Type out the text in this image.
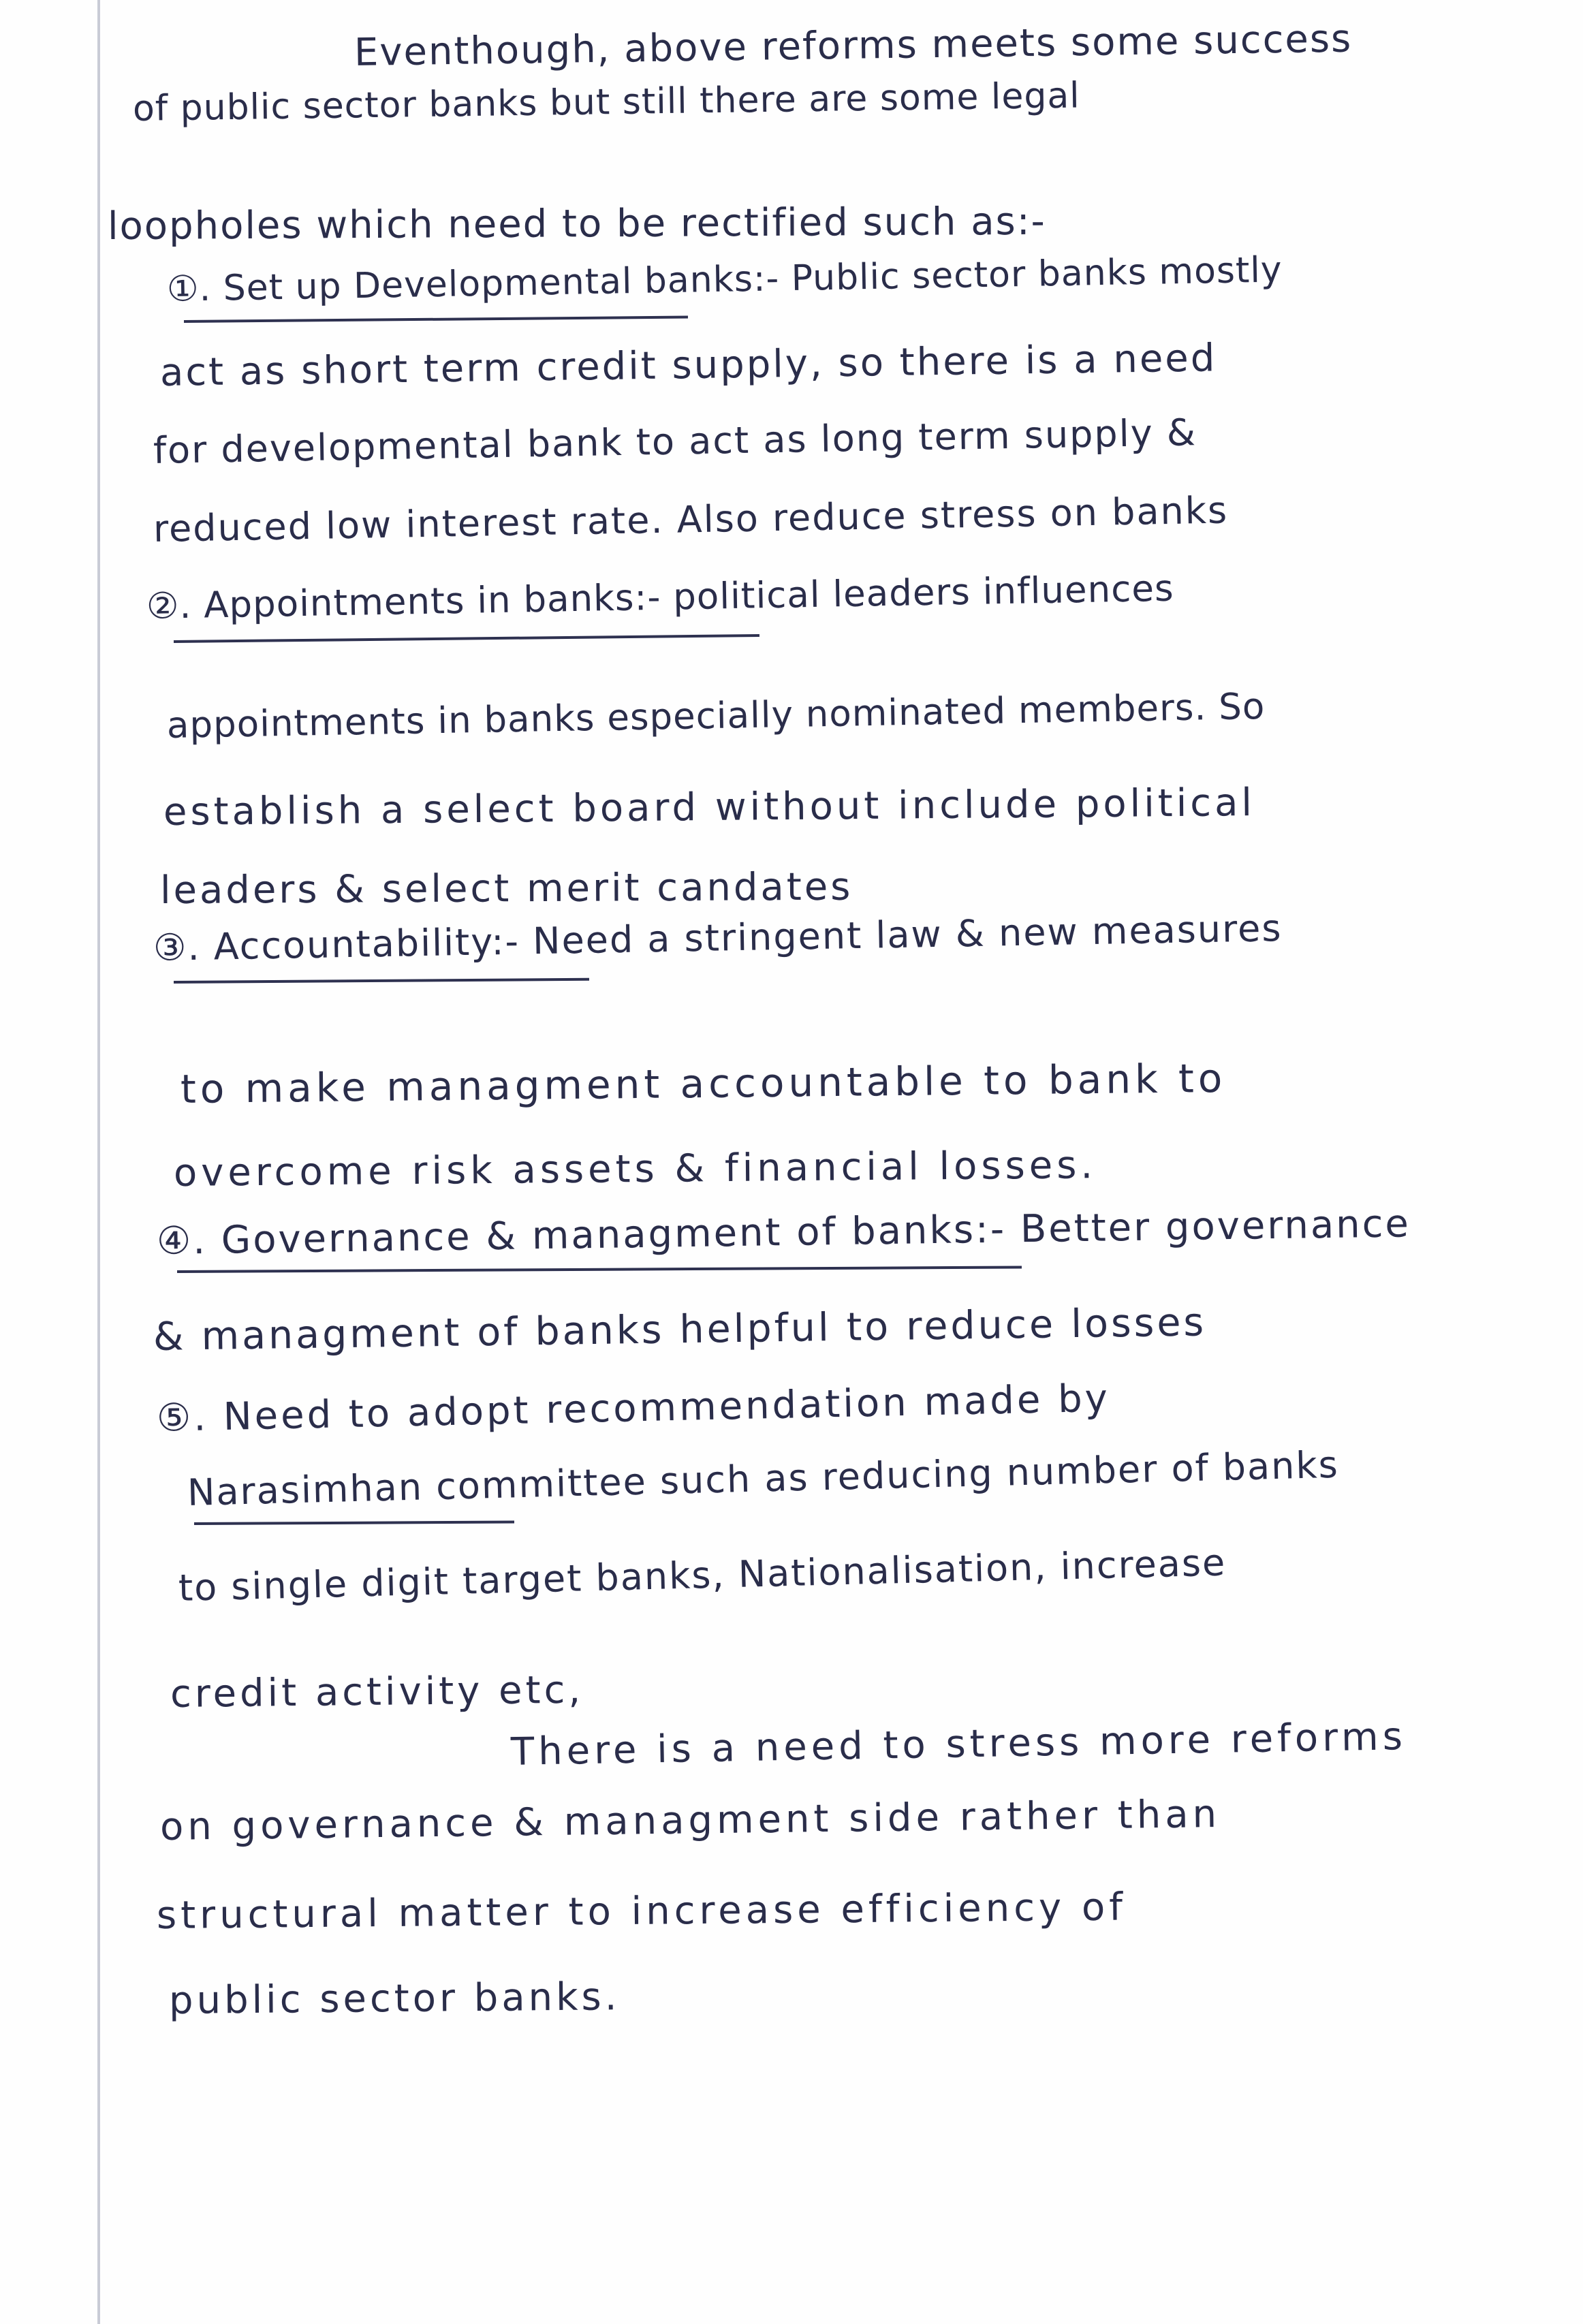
Eventhough, above reforms meets some success
of public sector banks but still there are some legal
loopholes which need to be rectified such as:-
①. Set up Developmental banks:- Public sector banks mostly
act as short term credit supply, so there is a need
for developmental bank to act as long term supply &
reduced low interest rate. Also reduce stress on banks
②. Appointments in banks:- political leaders influences
appointments in banks especially nominated members. So
establish a select board without include political
leaders & select merit candates
③. Accountability:- Need a stringent law & new measures
to make managment accountable to bank to
overcome risk assets & financial losses.
④. Governance & managment of banks:- Better governance
& managment of banks helpful to reduce losses
⑤. Need to adopt recommendation made by
Narasimhan committee such as reducing number of banks
to single digit target banks, Nationalisation, increase
credit activity etc,
There is a need to stress more reforms
on governance & managment side rather than
structural matter to increase efficiency of
public sector banks.
